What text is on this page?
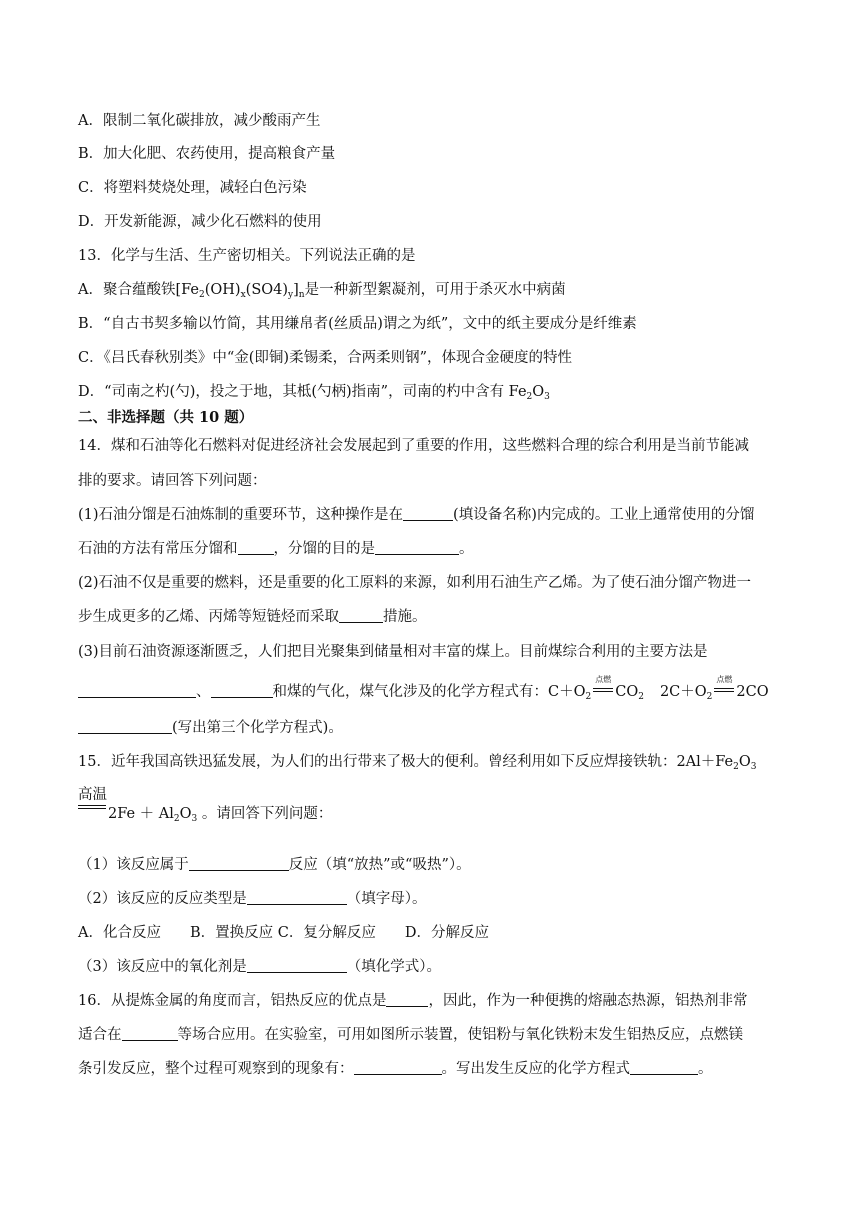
A．限制二氧化碳排放，减少酸雨产生
B．加大化肥、农药使用，提高粮食产量
C．将塑料焚烧处理，减轻白色污染
D．开发新能源，减少化石燃料的使用
13．化学与生活、生产密切相关。下列说法正确的是
A．聚合蕴酸铁$[Fe_2(OH)_x(SO4)_y]_n$是一种新型絮凝剂，可用于杀灭水中病菌
B．“自古书契多输以竹简，其用缣帛者(丝质品)谓之为纸”，文中的纸主要成分是纤维素
C．《吕氏春秋别类》中“金(即铜)柔锡柔，合两柔则钢”，体现合金硬度的特性
D．“司南之杓(勺)，投之于地，其柢(勺柄)指南”，司南的杓中含有 $Fe_2O_3$
二、非选择题（共 10 题）
14．煤和石油等化石燃料对促进经济社会发展起到了重要的作用，这些燃料合理的综合利用是当前节能减
排的要求。请回答下列问题：
(1)石油分馏是石油炼制的重要环节，这种操作是在	(填设备名称)内完成的。工业上通常使用的分馏
石油的方法有常压分馏和 ，分馏的目的是	。
(2)石油不仅是重要的燃料，还是重要的化工原料的来源，如利用石油生产乙烯。为了使石油分馏产物进一
步生成更多的乙烯、丙烯等短链烃而采取	措施。
(3)目前石油资源逐渐匮乏，人们把目光聚集到储量相对丰富的煤上。目前煤综合利用的主要方法是
、	和煤的气化，煤气化涉及的化学方程式有：$C+O_2$
点燃
$CO_2$ $2C+O_2$
点燃
2CO
(写出第三个化学方程式)。
15．近年我国高铁迅猛发展，为人们的出行带来了极大的便利。曾经利用如下反应焊接铁轨：$2Al+Fe_2O_3$
高温
$2Fe + Al_2O_3$ 。请回答下列问题：
（1）该反应属于	反应（填“放热”或“吸热”）。
（2）该反应的反应类型是	（填字母）。
A．化合反应　　B．置换反应 C．复分解反应　　D．分解反应
（3）该反应中的氧化剂是	（填化学式）。
16．从提炼金属的角度而言，铝热反应的优点是	，因此，作为一种便携的熔融态热源，铝热剂非常
适合在	等场合应用。在实验室，可用如图所示装置，使铝粉与氧化铁粉末发生铝热反应，点燃镁
条引发反应，整个过程可观察到的现象有：	。写出发生反应的化学方程式	。
